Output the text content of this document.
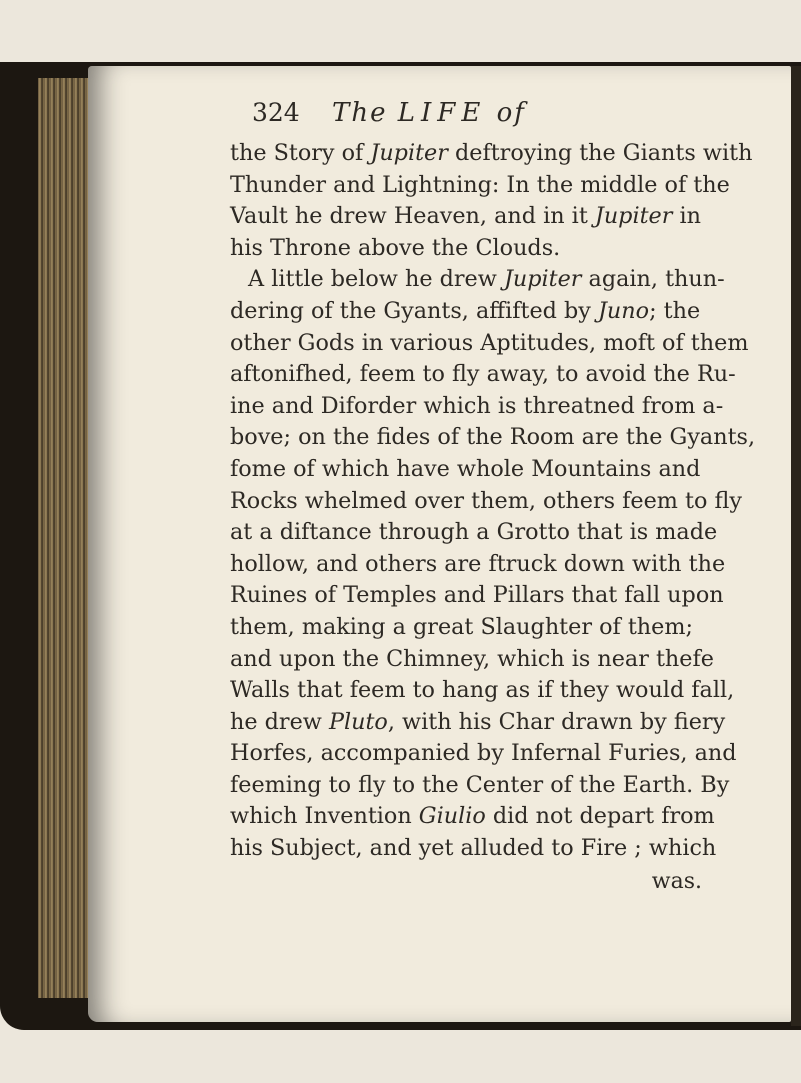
324	The LIFE of
the Story of Jupiter deftroying the Giants with
Thunder and Lightning: In the middle of the
Vault he drew Heaven, and in it Jupiter in
his Throne above the Clouds.
A little below he drew Jupiter again, thun-
dering of the Gyants, affifted by Juno; the
other Gods in various Aptitudes, moft of them
aftonifhed, feem to fly away, to avoid the Ru-
ine and Diforder which is threatned from a-
bove; on the fides of the Room are the Gyants,
fome of which have whole Mountains and
Rocks whelmed over them, others feem to fly
at a diftance through a Grotto that is made
hollow, and others are ftruck down with the
Ruines of Temples and Pillars that fall upon
them, making a great Slaughter of them;
and upon the Chimney, which is near thefe
Walls that feem to hang as if they would fall,
he drew Pluto, with his Char drawn by fiery
Horfes, accompanied by Infernal Furies, and
feeming to fly to the Center of the Earth. By
which Invention Giulio did not depart from
his Subject, and yet alluded to Fire ; which
was.
